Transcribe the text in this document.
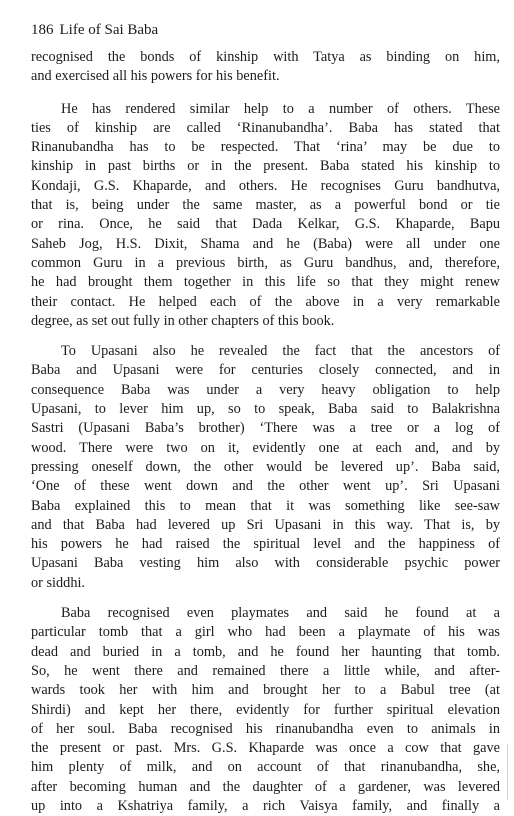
186 Life of Sai Baba

recognised the bonds of kinship with Tatya as binding on him,
and exercised all his powers for his benefit.

He has rendered similar help to a number of others. These
ties of kinship are called ‘Rinanubandha’. Baba has stated that
Rinanubandha has to be respected. That ‘rina’ may be due to
kinship in past births or in the present. Baba stated his kinship to
Kondaji, G.S. Khaparde, and others. He recognises Guru bandhutva,
that is, being under the same master, as a powerful bond or tie
or rina. Once, he said that Dada Kelkar, G.S. Khaparde, Bapu
Saheb Jog, H.S. Dixit, Shama and he (Baba) were all under one
common Guru in a previous birth, as Guru bandhus, and, therefore,
he had brought them together in this life so that they might renew
their contact. He helped each of the above in a very remarkable
degree, as set out fully in other chapters of this book.

To Upasani also he revealed the fact that the ancestors of
Baba and Upasani were for centuries closely connected, and in
consequence Baba was under a very heavy obligation to help
Upasani, to lever him up, so to speak, Baba said to Balakrishna
Sastri (Upasani Baba’s brother) ‘There was a tree or a log of
wood. There were two on it, evidently one at each and, and by
pressing oneself down, the other would be levered up’. Baba said,
‘One of these went down and the other went up’. Sri Upasani
Baba explained this to mean that it was something like see-saw
and that Baba had levered up Sri Upasani in this way. That is, by
his powers he had raised the spiritual level and the happiness of
Upasani Baba vesting him also with considerable psychic power
or siddhi.

Baba recognised even playmates and said he found at a
particular tomb that a girl who had been a playmate of his was
dead and buried in a tomb, and he found her haunting that tomb.
So, he went there and remained there a little while, and after-
wards took her with him and brought her to a Babul tree (at
Shirdi) and kept her there, evidently for further spiritual elevation
of her soul. Baba recognised his rinanubandha even to animals in
the present or past. Mrs. G.S. Khaparde was once a cow that gave
him plenty of milk, and on account of that rinanubandha, she,
after becoming human and the daughter of a gardener, was levered
up into a Kshatriya family, a rich Vaisya family, and finally a
